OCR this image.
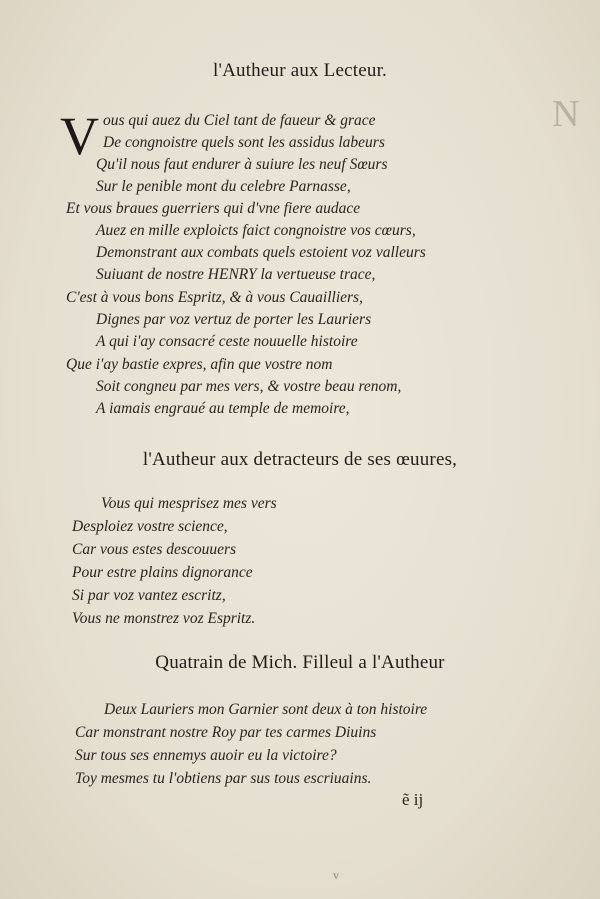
N
l'Autheur aux Lecteur.
V ous qui auez du Ciel tant de faueur & grace
De congnoistre quels sont les assidus labeurs
Qu'il nous faut endurer à suiure les neuf Sœurs
Sur le penible mont du celebre Parnasse,
Et vous braues guerriers qui d'vne fiere audace
Auez en mille exploicts faict congnoistre vos cœurs,
Demonstrant aux combats quels estoient voz valleurs
Suiuant de nostre HENRY la vertueuse trace,
C'est à vous bons Espritz, & à vous Cauailliers,
Dignes par voz vertuz de porter les Lauriers
A qui i'ay consacré ceste nouuelle histoire
Que i'ay bastie expres, afin que vostre nom
Soit congneu par mes vers, & vostre beau renom,
A iamais engraué au temple de memoire,
l'Autheur aux detracteurs de ses œuures,
Vous qui mesprisez mes vers
Desploiez vostre science,
Car vous estes descouuers
Pour estre plains dignorance
Si par voz vantez escritz,
Vous ne monstrez voz Espritz.
Quatrain de Mich. Filleul a l'Autheur
Deux Lauriers mon Garnier sont deux à ton histoire
Car monstrant nostre Roy par tes carmes Diuins
Sur tous ses ennemys auoir eu la victoire?
Toy mesmes tu l'obtiens par sus tous escriuains.
ẽ ij
v
